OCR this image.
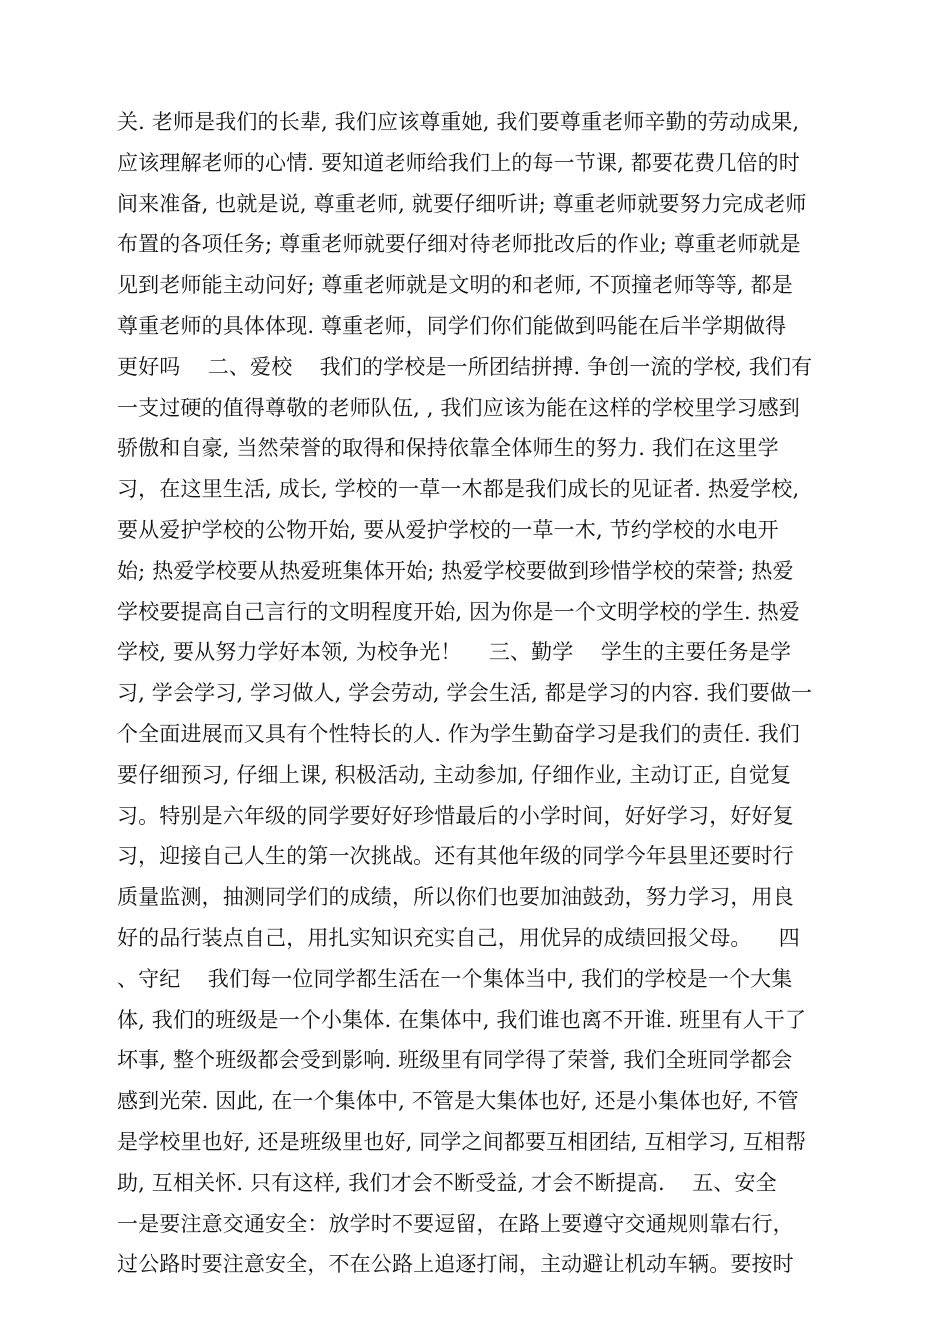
关. 老师是我们的长辈, 我们应该尊重她, 我们要尊重老师辛勤的劳动成果,
应该理解老师的心情. 要知道老师给我们上的每一节课, 都要花费几倍的时
间来准备, 也就是说, 尊重老师, 就要仔细听讲; 尊重老师就要努力完成老师
布置的各项任务; 尊重老师就要仔细对待老师批改后的作业; 尊重老师就是
见到老师能主动问好; 尊重老师就是文明的和老师, 不顶撞老师等等, 都是
尊重老师的具体体现. 尊重老师，同学们你们能做到吗能在后半学期做得
更好吗    二、爱校    我们的学校是一所团结拼搏. 争创一流的学校, 我们有
一支过硬的值得尊敬的老师队伍, , 我们应该为能在这样的学校里学习感到
骄傲和自豪, 当然荣誉的取得和保持依靠全体师生的努力. 我们在这里学
习，在这里生活, 成长, 学校的一草一木都是我们成长的见证者. 热爱学校,
要从爱护学校的公物开始, 要从爱护学校的一草一木, 节约学校的水电开
始; 热爱学校要从热爱班集体开始; 热爱学校要做到珍惜学校的荣誉; 热爱
学校要提高自己言行的文明程度开始, 因为你是一个文明学校的学生. 热爱
学校, 要从努力学好本领, 为校争光！    三、勤学    学生的主要任务是学
习, 学会学习, 学习做人, 学会劳动, 学会生活, 都是学习的内容. 我们要做一
个全面进展而又具有个性特长的人. 作为学生勤奋学习是我们的责任. 我们
要仔细预习, 仔细上课, 积极活动, 主动参加, 仔细作业, 主动订正, 自觉复
习。特别是六年级的同学要好好珍惜最后的小学时间，好好学习，好好复
习，迎接自己人生的第一次挑战。还有其他年级的同学今年县里还要时行
质量监测，抽测同学们的成绩，所以你们也要加油鼓劲，努力学习，用良
好的品行装点自己，用扎实知识充实自己，用优异的成绩回报父母。    四
、守纪    我们每一位同学都生活在一个集体当中, 我们的学校是一个大集
体, 我们的班级是一个小集体. 在集体中, 我们谁也离不开谁. 班里有人干了
坏事, 整个班级都会受到影响. 班级里有同学得了荣誉, 我们全班同学都会
感到光荣. 因此, 在一个集体中, 不管是大集体也好, 还是小集体也好, 不管
是学校里也好, 还是班级里也好, 同学之间都要互相团结, 互相学习, 互相帮
助, 互相关怀. 只有这样, 我们才会不断受益, 才会不断提高.    五、安全
一是要注意交通安全：放学时不要逗留，在路上要遵守交通规则靠右行，
过公路时要注意安全，不在公路上追逐打闹，主动避让机动车辆。要按时
